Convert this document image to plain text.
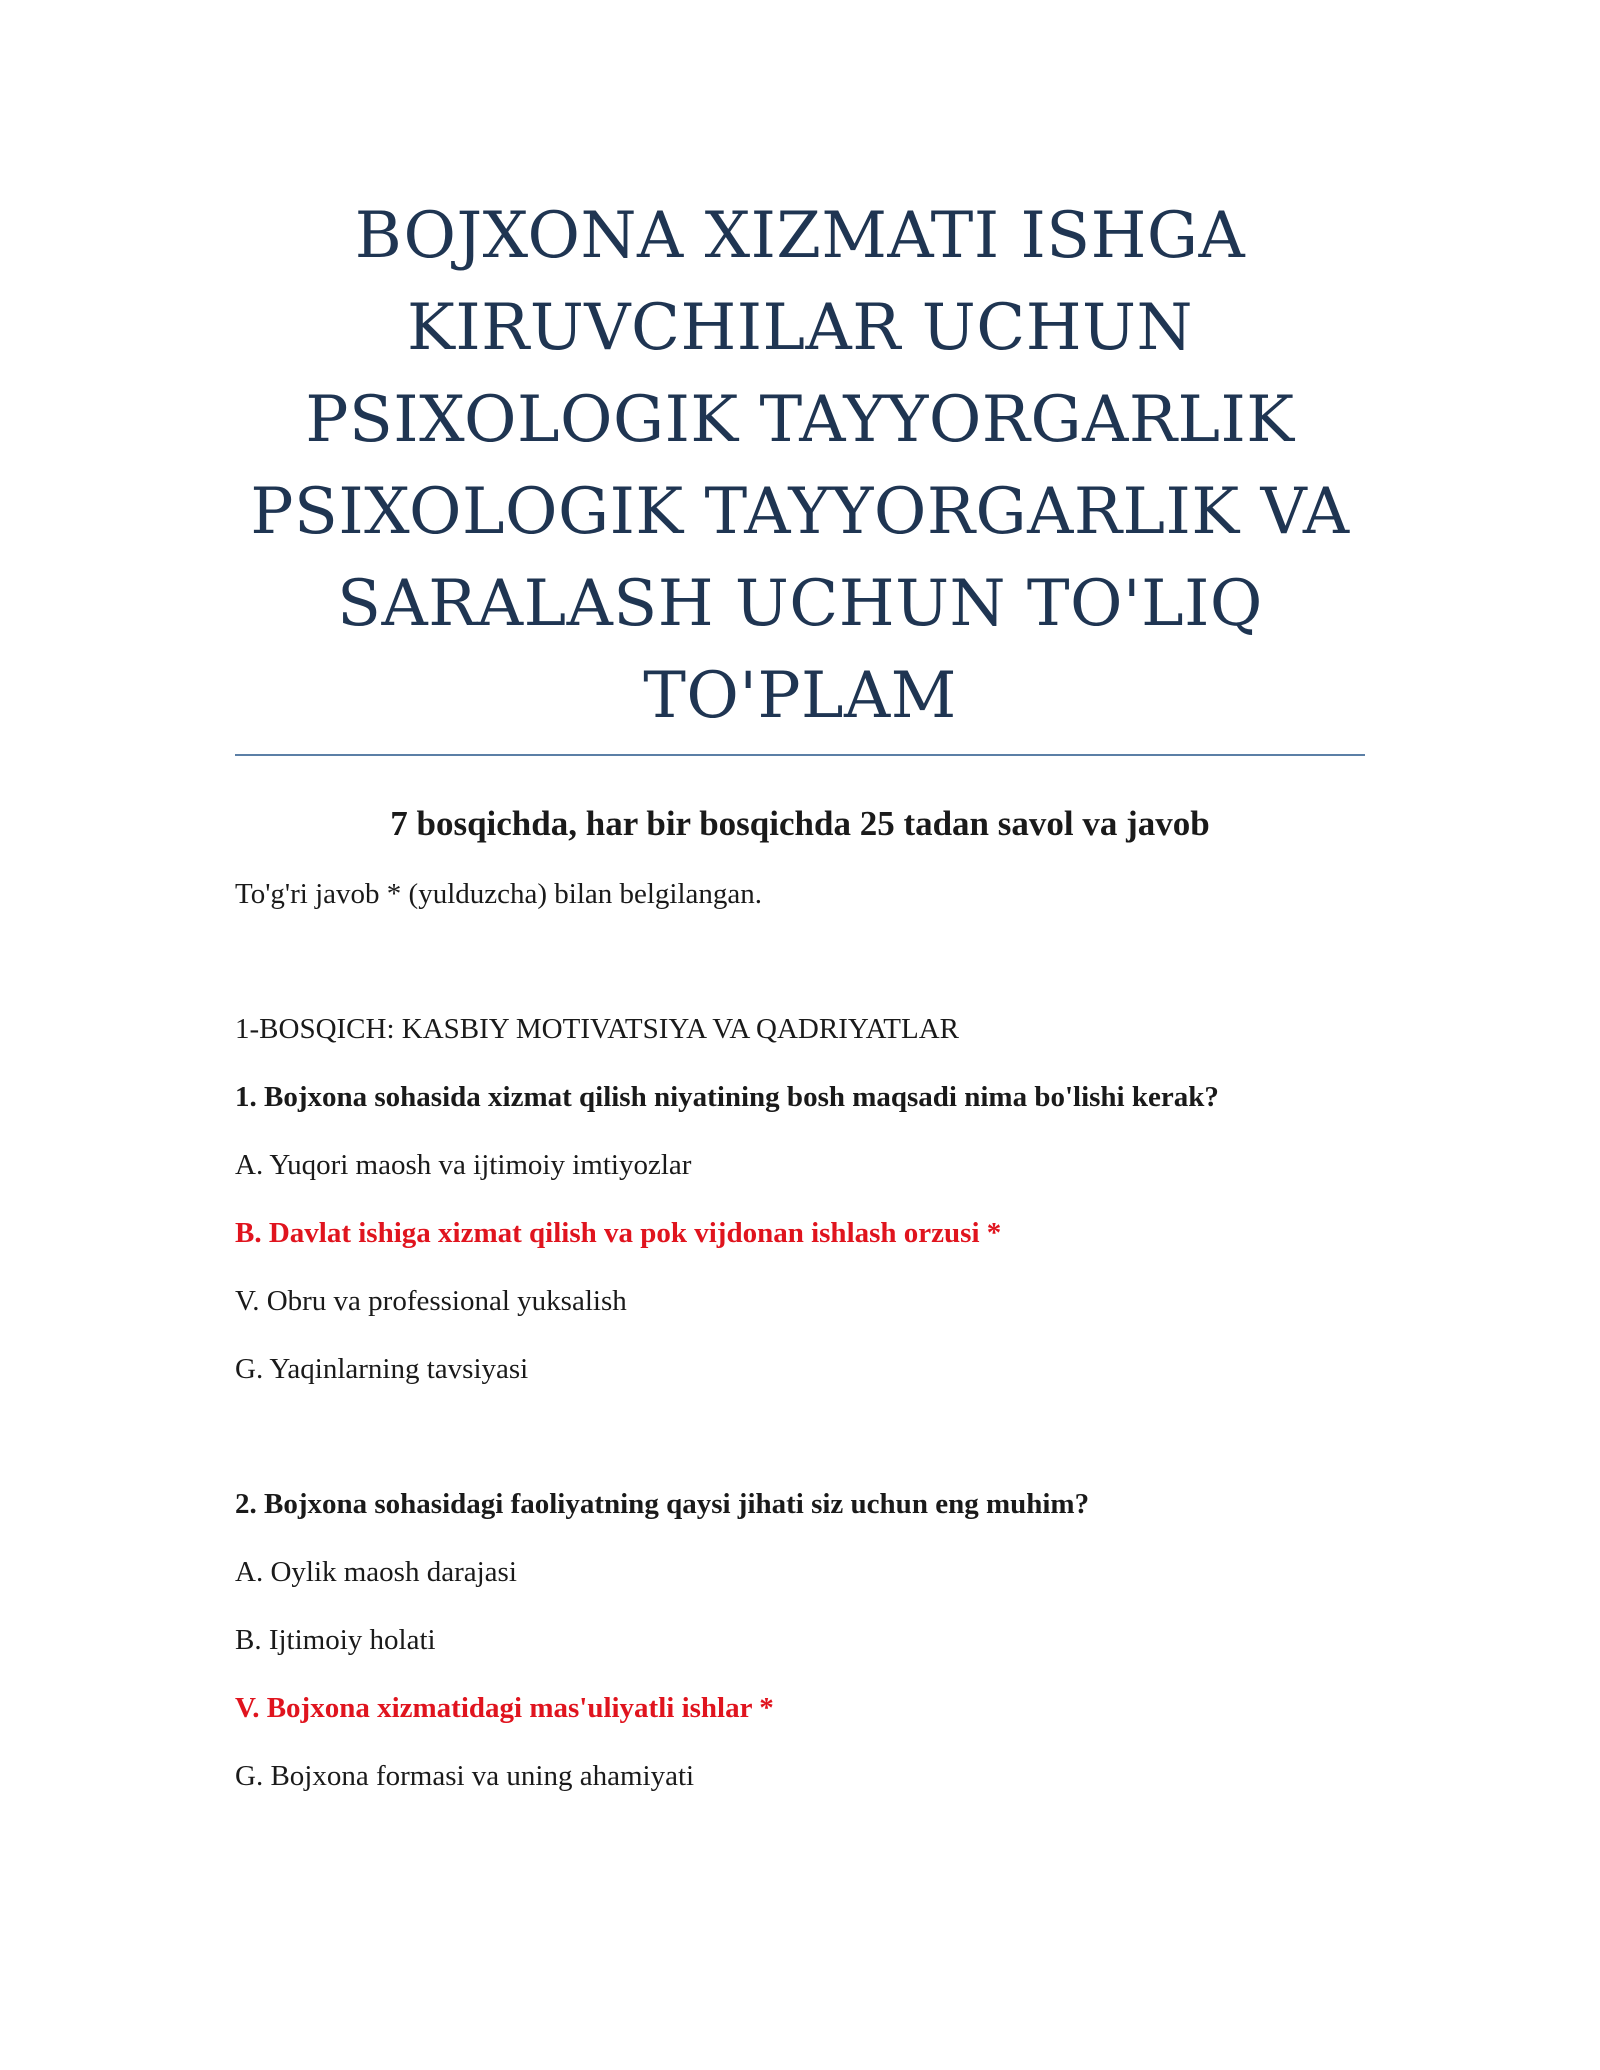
BOJXONA XIZMATI ISHGA
KIRUVCHILAR UCHUN
PSIXOLOGIK TAYYORGARLIK
PSIXOLOGIK TAYYORGARLIK VA
SARALASH UCHUN TO'LIQ
TO'PLAM

7 bosqichda, har bir bosqichda 25 tadan savol va javob

To'g'ri javob * (yulduzcha) bilan belgilangan.

1-BOSQICH: KASBIY MOTIVATSIYA VA QADRIYATLAR

1. Bojxona sohasida xizmat qilish niyatining bosh maqsadi nima bo'lishi kerak?

A. Yuqori maosh va ijtimoiy imtiyozlar

B. Davlat ishiga xizmat qilish va pok vijdonan ishlash orzusi *

V. Obru va professional yuksalish

G. Yaqinlarning tavsiyasi

2. Bojxona sohasidagi faoliyatning qaysi jihati siz uchun eng muhim?

A. Oylik maosh darajasi

B. Ijtimoiy holati

V. Bojxona xizmatidagi mas'uliyatli ishlar *

G. Bojxona formasi va uning ahamiyati
